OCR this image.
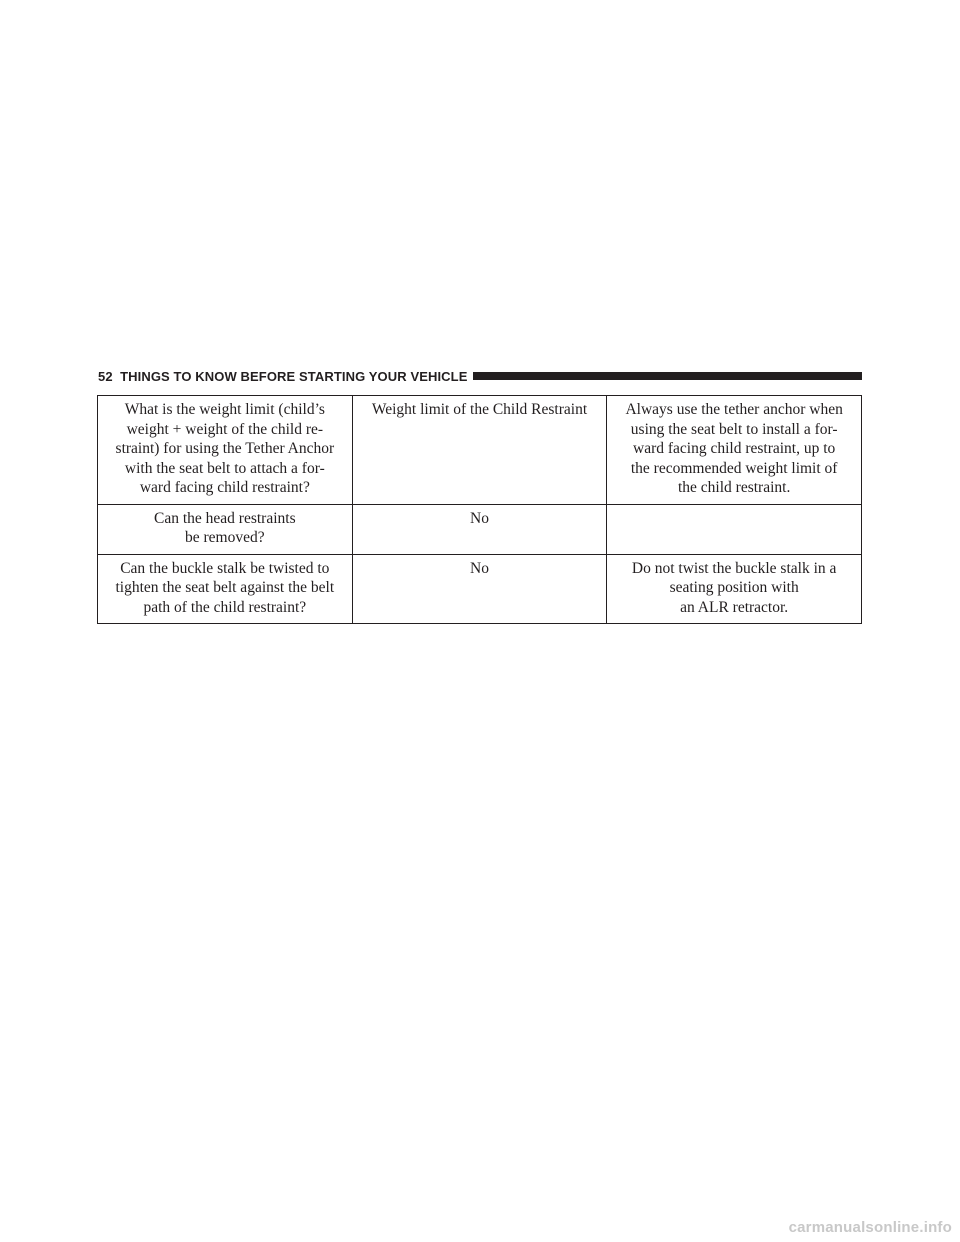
52 THINGS TO KNOW BEFORE STARTING YOUR VEHICLE
What is the weight limit (child’s
weight + weight of the child re-
straint) for using the Tether Anchor
with the seat belt to attach a for-
ward facing child restraint?	Weight limit of the Child Restraint	Always use the tether anchor when
using the seat belt to install a for-
ward facing child restraint, up to
the recommended weight limit of
the child restraint.

Can the head restraints
be removed?	No	

Can the buckle stalk be twisted to
tighten the seat belt against the belt
path of the child restraint?	No	Do not twist the buckle stalk in a
seating position with
an ALR retractor.
carmanualsonline.info
